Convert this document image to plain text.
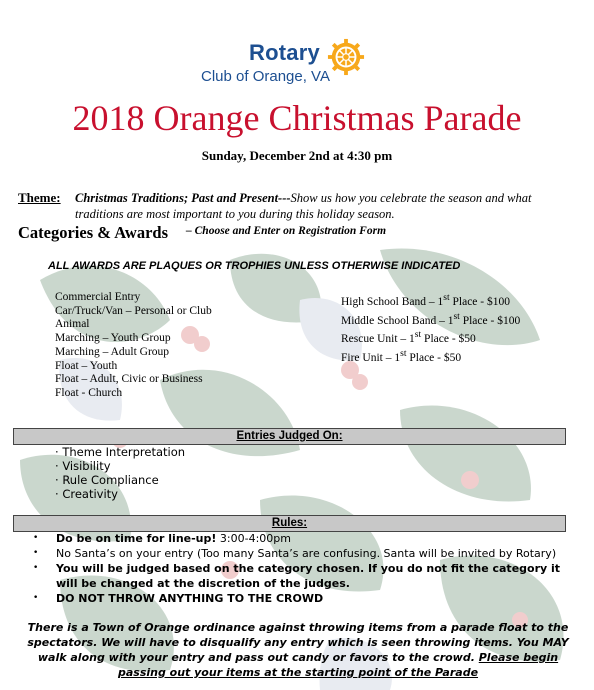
Rotary
Club of Orange, VA
2018 Orange Christmas Parade
Sunday, December 2nd at 4:30 pm
Theme: Christmas Traditions; Past and Present---Show us how you celebrate the season and what traditions are most important to you during this holiday season.
Categories & Awards – Choose and Enter on Registration Form
ALL AWARDS ARE PLAQUES OR TROPHIES UNLESS OTHERWISE INDICATED
Commercial Entry
Car/Truck/Van – Personal or Club
Animal
Marching – Youth Group
Marching – Adult Group
Float – Youth
Float – Adult, Civic or Business
Float - Church
High School Band – 1st Place - $100
Middle School Band – 1st Place - $100
Rescue Unit – 1st Place - $50
Fire Unit – 1st Place - $50
Entries Judged On:
· Theme Interpretation
· Visibility
· Rule Compliance
· Creativity
Rules:
• Do be on time for line-up! 3:00-4:00pm
• No Santa’s on your entry (Too many Santa’s are confusing. Santa will be invited by Rotary)
• You will be judged based on the category chosen. If you do not fit the category it will be changed at the discretion of the judges.
• DO NOT THROW ANYTHING TO THE CROWD
There is a Town of Orange ordinance against throwing items from a parade float to the spectators. We will have to disqualify any entry which is seen throwing items. You MAY walk along with your entry and pass out candy or favors to the crowd. Please begin passing out your items at the starting point of the Parade
